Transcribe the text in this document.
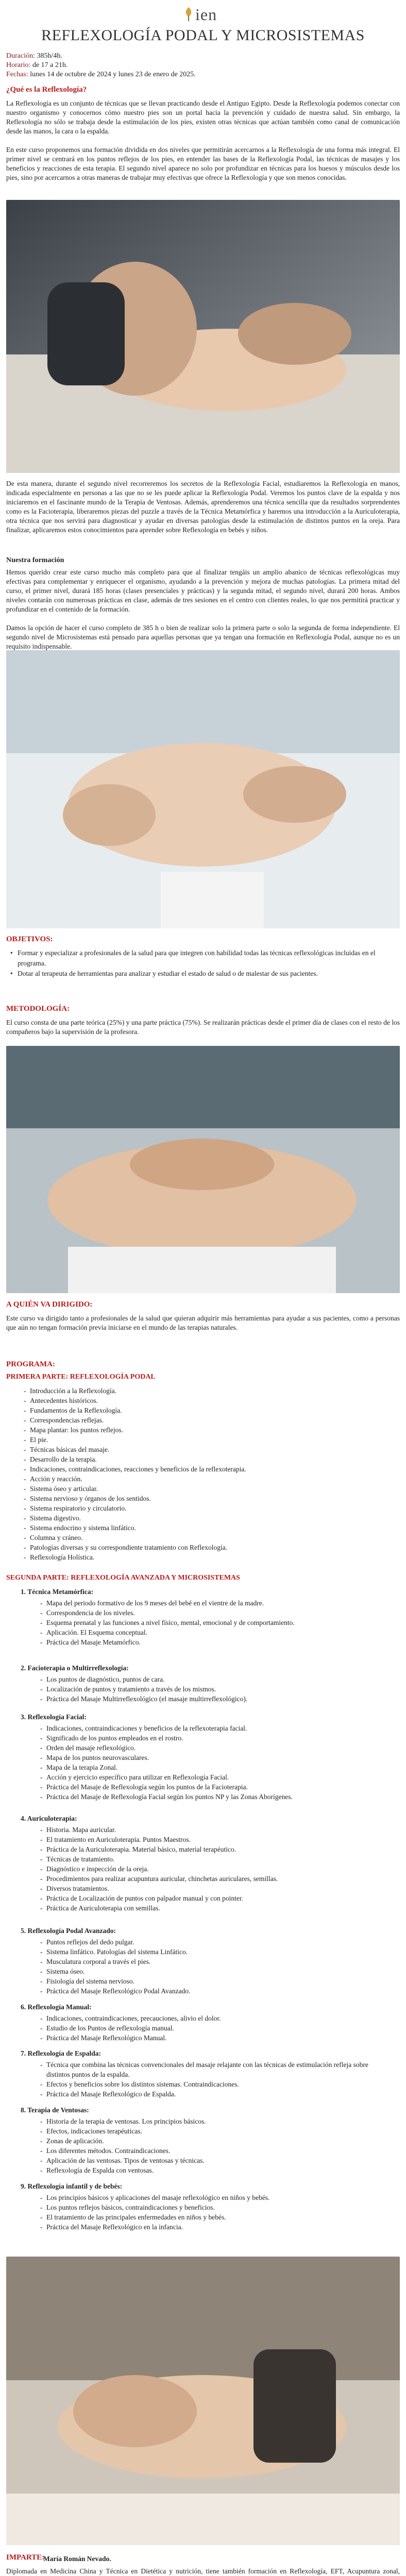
ien
REFLEXOLOGÍA PODAL Y MICROSISTEMAS
Duración: 385h/4h.
Horario: de 17 a 21h.
Fechas: lunes 14 de octubre de 2024 y lunes 23 de enero de 2025.
¿Qué es la Reflexología?

La Reflexología es un conjunto de técnicas que se llevan practicando desde el Antiguo Egipto. Desde la Reflexología podemos conectar con nuestro organismo y conocernos cómo nuestro pies son un portal hacia la prevención y cuidado de nuestra salud. Sin embargo, la Reflexología no sólo se trabaja desde la estimulación de los pies, existen otras técnicas que actúan también como canal de comunicación desde las manos, la cara o la espalda.

En este curso proponemos una formación dividida en dos niveles que permitirán acercarnos a la Reflexología de una forma más integral. El primer nivel se centrará en los puntos reflejos de los pies, en entender las bases de la Reflexología Podal, las técnicas de masajes y los beneficios y reacciones de esta terapia. El segundo nivel aparece no solo por profundizar en técnicas para los huesos y músculos desde los pies, sino por acercarnos a otras maneras de trabajar muy efectivas que ofrece la Reflexología y que son menos conocidas.

De esta manera, durante el segundo nivel recorreremos los secretos de la Reflexología Facial, estudiaremos la Reflexología en manos, indicada especialmente en personas a las que no se les puede aplicar la Reflexología Podal. Veremos los puntos clave de la espalda y nos iniciaremos en el fascinante mundo de la Terapia de Ventosas. Además, aprenderemos una técnica sencilla que da resultados sorprendentes como es la Facioterapia, liberaremos piezas del puzzle a través de la Técnica Metamórfica y haremos una introducción a la Auriculoterapia, otra técnica que nos servirá para diagnosticar y ayudar en diversas patologías desde la estimulación de distintos puntos en la oreja. Para finalizar, aplicaremos estos conocimientos para aprender sobre Reflexología en bebés y niños.

Nuestra formación

Hemos querido crear este curso mucho más completo para que al finalizar tengáis un amplio abanico de técnicas reflexológicas muy efectivas para complementar y enriquecer el organismo, ayudando a la prevención y mejora de muchas patologías. La primera mitad del curso, el primer nivel, durará 185 horas (clases presenciales y prácticas) y la segunda mitad, el segundo nivel, durará 200 horas. Ambos niveles contarán con numerosas prácticas en clase, además de tres sesiones en el centro con clientes reales, lo que nos permitirá practicar y profundizar en el contenido de la formación.

Damos la opción de hacer el curso completo de 385 h o bien de realizar solo la primera parte o solo la segunda de forma independiente. El segundo nivel de Microsistemas está pensado para aquellas personas que ya tengan una formación en Reflexología Podal, aunque no es un requisito indispensable.

OBJETIVOS:
• Formar y especializar a profesionales de la salud para que integren con habilidad todas las técnicas reflexológicas incluidas en el programa.
• Dotar al terapeuta de herramientas para analizar y estudiar el estado de salud o de malestar de sus pacientes.
METODOLOGÍA:

El curso consta de una parte teórica (25%) y una parte práctica (75%). Se realizarán prácticas desde el primer día de clases con el resto de los compañeros bajo la supervisión de la profesora.

A QUIÉN VA DIRIGIDO:

Este curso va dirigido tanto a profesionales de la salud que quieran adquirir más herramientas para ayudar a sus pacientes, como a personas que aún no tengan formación previa iniciarse en el mundo de las terapias naturales.

PROGRAMA:
PRIMERA PARTE: REFLEXOLOGÍA PODAL
- Introducción a la Reflexología.
- Antecedentes históricos.
- Fundamentos de la Reflexología.
- Correspondencias reflejas.
- Mapa plantar: los puntos reflejos.
- El pie.
- Técnicas básicas del masaje.
- Desarrollo de la terapia.
- Indicaciones, contraindicaciones, reacciones y beneficios de la reflexoterapia.
- Acción y reacción.
- Sistema óseo y articular.
- Sistema nervioso y órganos de los sentidos.
- Sistema respiratorio y circulatorio.
- Sistema digestivo.
- Sistema endocrino y sistema linfático.
- Columna y cráneo.
- Patologías diversas y su correspondiente tratamiento con Reflexología.
- Reflexología Holística.
SEGUNDA PARTE: REFLEXOLOGÍA AVANZADA Y MICROSISTEMAS
1. Técnica Metamórfica:
- Mapa del periodo formativo de los 9 meses del bebé en el vientre de la madre.
- Correspondencia de los niveles.
- Esquema prenatal y las funciones a nivel físico, mental, emocional y de comportamiento.
- Aplicación. El Esquema conceptual.
- Práctica del Masaje Metamórfico.
2. Facioterapia o Multirreflexología:
- Los puntos de diagnóstico, puntos de cara.
- Localización de puntos y tratamiento a través de los mismos.
- Práctica del Masaje Multirreflexológico (el masaje multirreflexológico).
3. Reflexología Facial:
- Indicaciones, contraindicaciones y beneficios de la reflexoterapia facial.
- Significado de los puntos empleados en el rostro.
- Orden del masaje reflexológico.
- Mapa de los puntos neurovasculares.
- Mapa de la terapia Zonal.
- Acción y ejercicio específico para utilizar en Reflexología Facial.
- Práctica del Masaje de Reflexología según los puntos de la Facioterapia.
- Práctica del Masaje de Reflexología Facial según los puntos NP y las Zonas Aborígenes.
4. Auriculoterapia:
- Historia. Mapa auricular.
- El tratamiento en Auriculoterapia. Puntos Maestros.
- Práctica de la Auriculoterapia. Material básico, material terapéutico.
- Técnicas de tratamiento.
- Diagnóstico e inspección de la oreja.
- Procedimientos para realizar acupuntura auricular, chinchetas auriculares, semillas.
- Diversos tratamientos.
- Práctica de Localización de puntos con palpador manual y con pointer.
- Práctica de Auriculoterapia con semillas.
5. Reflexología Podal Avanzado:
- Puntos reflejos del dedo pulgar.
- Sistema linfático. Patologías del sistema Linfático.
- Musculatura corporal a través el pies.
- Sistema óseo.
- Fisiología del sistema nervioso.
- Práctica del Masaje Reflexológico Podal Avanzado.
6. Reflexología Manual:
- Indicaciones, contraindicaciones, precauciones, alivio el dolor.
- Estudio de los Puntos de reflexología manual.
- Práctica del Masaje Reflexológico Manual.
7. Reflexología de Espalda:
- Técnica que combina las técnicas convencionales del masaje relajante con las técnicas de estimulación refleja sobre distintos puntos de la espalda.
- Efectos y beneficios sobre los distintos sistemas. Contraindicaciones.
- Práctica del Masaje Reflexológico de Espalda.
8. Terapia de Ventosas:
- Historia de la terapia de ventosas. Los principios básicos.
- Efectos, indicaciones terapéuticas.
- Zonas de aplicación.
- Los diferentes métodos. Contraindicaciones.
- Aplicación de las ventosas. Tipos de ventosas y técnicas.
- Reflexología de Espalda con ventosas.
9. Reflexología infantil y de bebés:
- Los principios básicos y aplicaciones del masaje reflexológico en niños y bebés.
- Los puntos reflejos básicos, contraindicaciones y beneficios.
- El tratamiento de las principales enfermedades en niños y bebés.
- Práctica del Masaje Reflexológico en la infancia.
IMPARTE:
María Román Nevado.

Diplomada en Medicina China y Técnica en Dietética y nutrición, tiene también formación en Reflexología, EFT, Acupuntura zonal,
